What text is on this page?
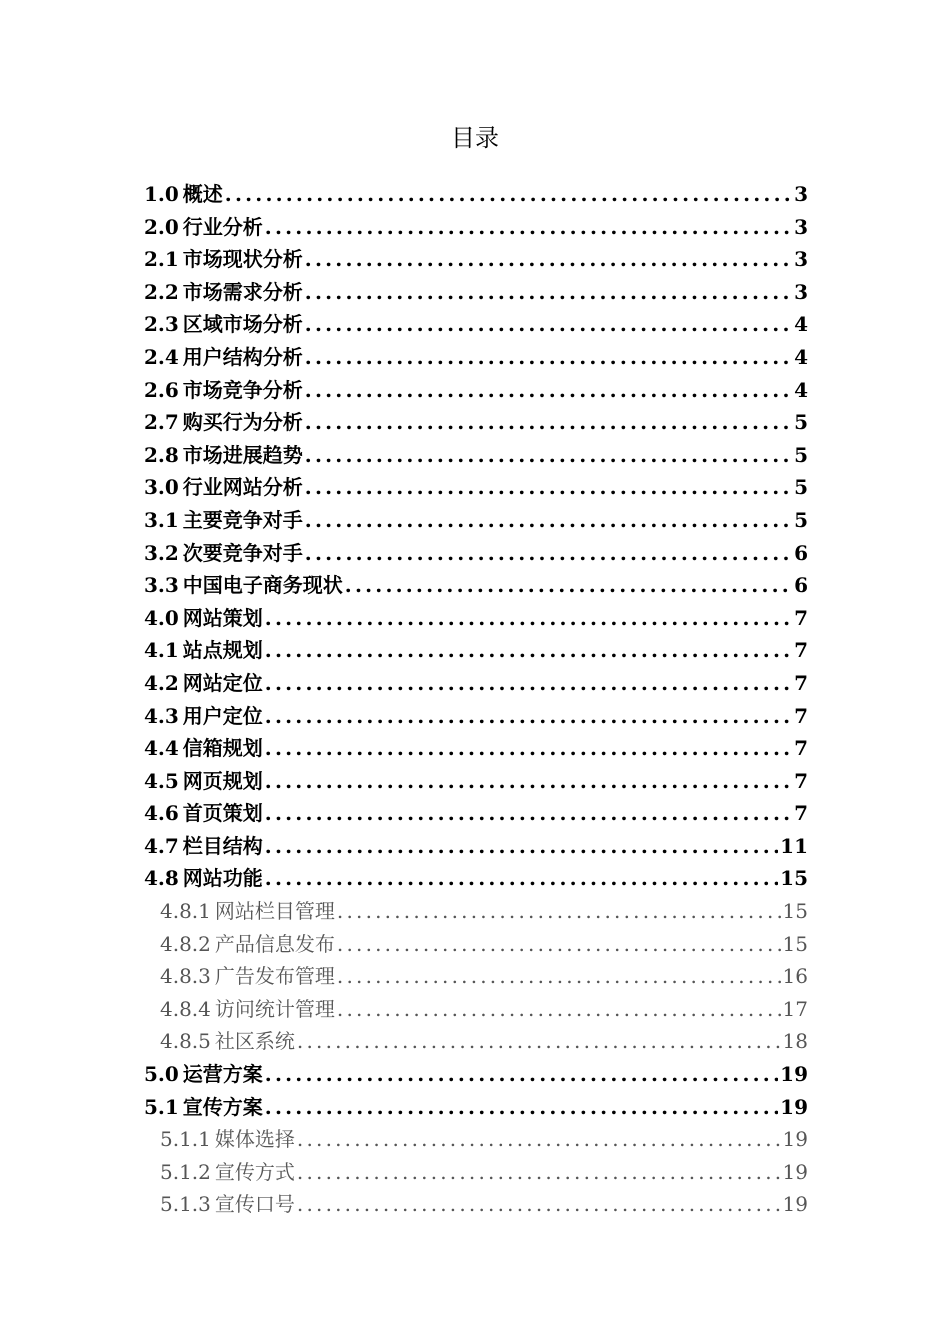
目录
1.0 概述 .....	3
2.0 行业分析 .....	3
2.1 市场现状分析 .....	3
2.2 市场需求分析 .....	3
2.3 区域市场分析 .....	4
2.4 用户结构分析 .....	4
2.6 市场竞争分析 .....	4
2.7 购买行为分析 .....	5
2.8 市场进展趋势 .....	5
3.0 行业网站分析 .....	5
3.1 主要竞争对手 .....	5
3.2 次要竞争对手 .....	6
3.3 中国电子商务现状 .....	6
4.0 网站策划 .....	7
4.1 站点规划 .....	7
4.2 网站定位 .....	7
4.3 用户定位 .....	7
4.4 信箱规划 .....	7
4.5 网页规划 .....	7
4.6 首页策划 .....	7
4.7 栏目结构 .....	11
4.8 网站功能 .....	15
4.8.1 网站栏目管理 .....	15
4.8.2 产品信息发布 .....	15
4.8.3 广告发布管理 .....	16
4.8.4 访问统计管理 .....	17
4.8.5 社区系统 .....	18
5.0 运营方案 .....	19
5.1 宣传方案 .....	19
5.1.1 媒体选择 .....	19
5.1.2 宣传方式 .....	19
5.1.3 宣传口号 .....	19
